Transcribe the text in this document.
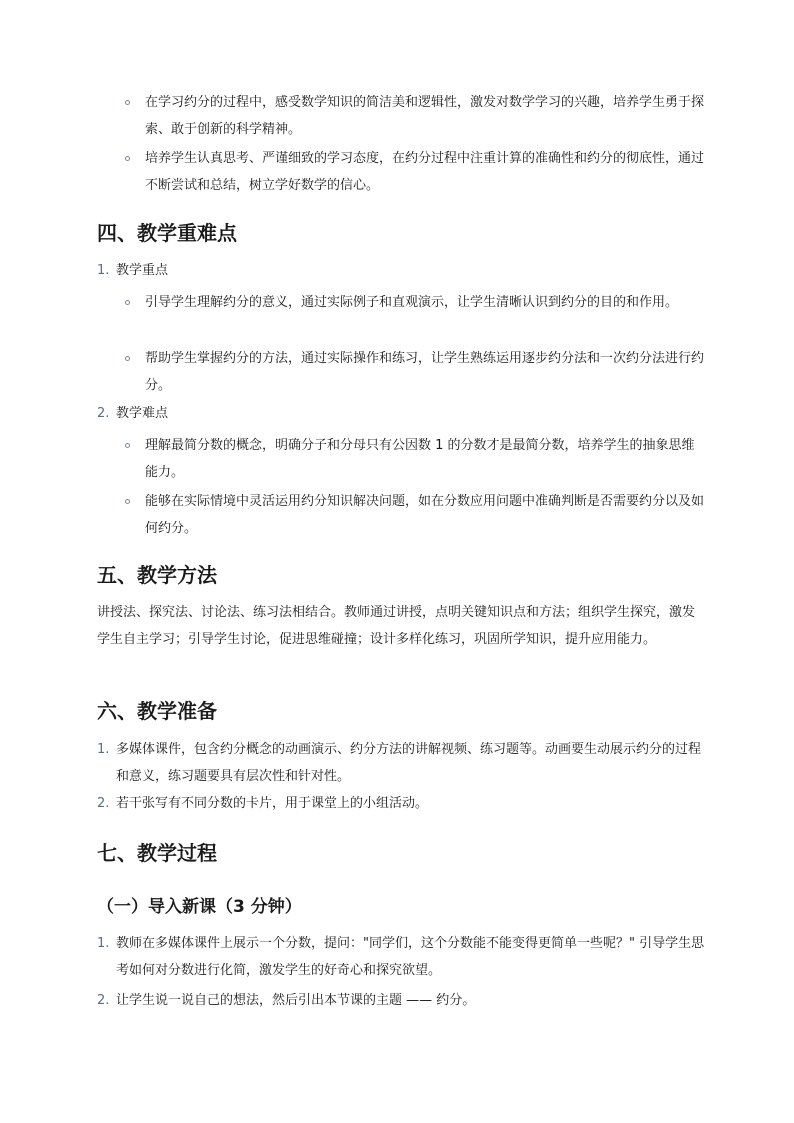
在学习约分的过程中，感受数学知识的简洁美和逻辑性，激发对数学学习的兴趣，培养学生勇于探索、敢于创新的科学精神。
培养学生认真思考、严谨细致的学习态度，在约分过程中注重计算的准确性和约分的彻底性，通过不断尝试和总结，树立学好数学的信心。
四、教学重难点
1. 教学重点
引导学生理解约分的意义，通过实际例子和直观演示，让学生清晰认识到约分的目的和作用。
帮助学生掌握约分的方法，通过实际操作和练习，让学生熟练运用逐步约分法和一次约分法进行约分。
2. 教学难点
理解最简分数的概念，明确分子和分母只有公因数 1 的分数才是最简分数，培养学生的抽象思维能力。
能够在实际情境中灵活运用约分知识解决问题，如在分数应用问题中准确判断是否需要约分以及如何约分。
五、教学方法
讲授法、探究法、讨论法、练习法相结合。教师通过讲授，点明关键知识点和方法；组织学生探究，激发学生自主学习；引导学生讨论，促进思维碰撞；设计多样化练习，巩固所学知识，提升应用能力。
六、教学准备
1. 多媒体课件，包含约分概念的动画演示、约分方法的讲解视频、练习题等。动画要生动展示约分的过程和意义，练习题要具有层次性和针对性。
2. 若干张写有不同分数的卡片，用于课堂上的小组活动。
七、教学过程
（一）导入新课（3 分钟）
1. 教师在多媒体课件上展示一个分数，提问："同学们，这个分数能不能变得更简单一些呢？" 引导学生思考如何对分数进行化简，激发学生的好奇心和探究欲望。
2. 让学生说一说自己的想法，然后引出本节课的主题 —— 约分。
